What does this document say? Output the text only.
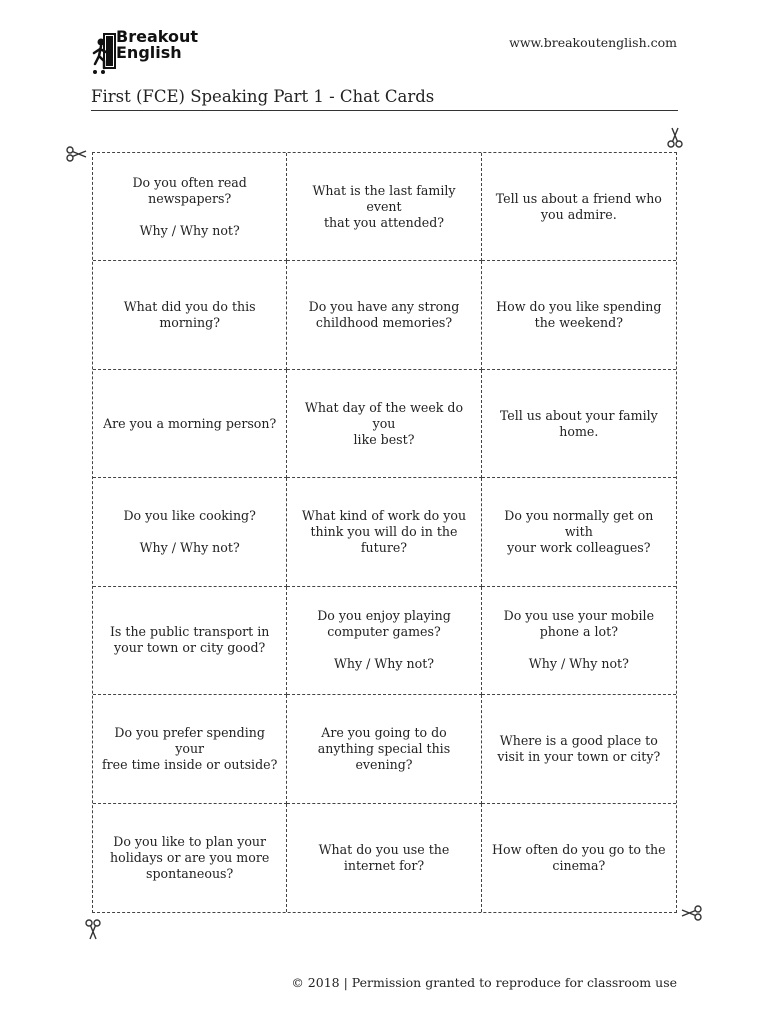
Breakout
English
www.breakoutenglish.com
First (FCE) Speaking Part 1 - Chat Cards
Do you often read
newspapers?

Why / Why not?
What is the last family event
that you attended?
Tell us about a friend who
you admire.
What did you do this
morning?
Do you have any strong
childhood memories?
How do you like spending
the weekend?
Are you a morning person?
What day of the week do you
like best?
Tell us about your family
home.
Do you like cooking?

Why / Why not?
What kind of work do you
think you will do in the
future?
Do you normally get on with
your work colleagues?
Is the public transport in
your town or city good?
Do you enjoy playing
computer games?

Why / Why not?
Do you use your mobile
phone a lot?

Why / Why not?
Do you prefer spending your
free time inside or outside?
Are you going to do
anything special this
evening?
Where is a good place to
visit in your town or city?
Do you like to plan your
holidays or are you more
spontaneous?
What do you use the
internet for?
How often do you go to the
cinema?
© 2018 | Permission granted to reproduce for classroom use
